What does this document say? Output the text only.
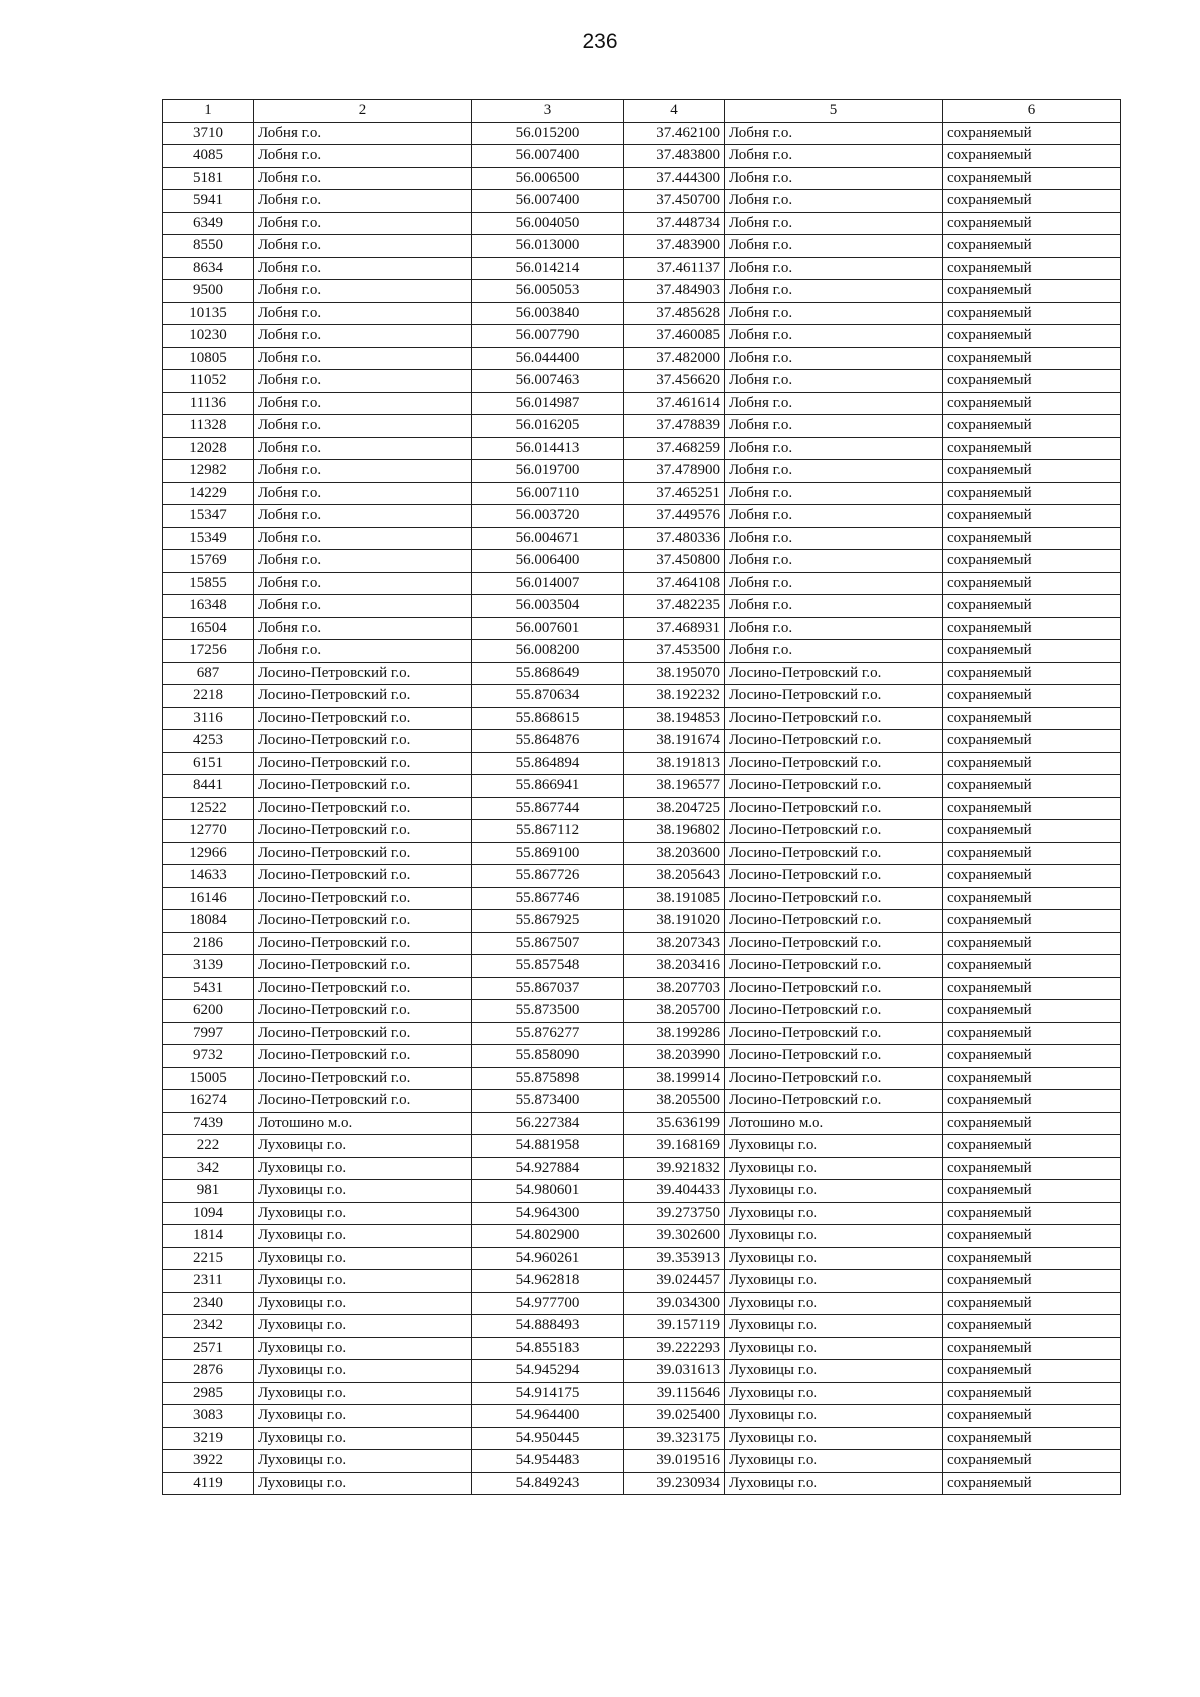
236
1	2	3	4	5	6
3710	Лобня г.о.	56.015200	37.462100	Лобня г.о.	сохраняемый
4085	Лобня г.о.	56.007400	37.483800	Лобня г.о.	сохраняемый
5181	Лобня г.о.	56.006500	37.444300	Лобня г.о.	сохраняемый
5941	Лобня г.о.	56.007400	37.450700	Лобня г.о.	сохраняемый
6349	Лобня г.о.	56.004050	37.448734	Лобня г.о.	сохраняемый
8550	Лобня г.о.	56.013000	37.483900	Лобня г.о.	сохраняемый
8634	Лобня г.о.	56.014214	37.461137	Лобня г.о.	сохраняемый
9500	Лобня г.о.	56.005053	37.484903	Лобня г.о.	сохраняемый
10135	Лобня г.о.	56.003840	37.485628	Лобня г.о.	сохраняемый
10230	Лобня г.о.	56.007790	37.460085	Лобня г.о.	сохраняемый
10805	Лобня г.о.	56.044400	37.482000	Лобня г.о.	сохраняемый
11052	Лобня г.о.	56.007463	37.456620	Лобня г.о.	сохраняемый
11136	Лобня г.о.	56.014987	37.461614	Лобня г.о.	сохраняемый
11328	Лобня г.о.	56.016205	37.478839	Лобня г.о.	сохраняемый
12028	Лобня г.о.	56.014413	37.468259	Лобня г.о.	сохраняемый
12982	Лобня г.о.	56.019700	37.478900	Лобня г.о.	сохраняемый
14229	Лобня г.о.	56.007110	37.465251	Лобня г.о.	сохраняемый
15347	Лобня г.о.	56.003720	37.449576	Лобня г.о.	сохраняемый
15349	Лобня г.о.	56.004671	37.480336	Лобня г.о.	сохраняемый
15769	Лобня г.о.	56.006400	37.450800	Лобня г.о.	сохраняемый
15855	Лобня г.о.	56.014007	37.464108	Лобня г.о.	сохраняемый
16348	Лобня г.о.	56.003504	37.482235	Лобня г.о.	сохраняемый
16504	Лобня г.о.	56.007601	37.468931	Лобня г.о.	сохраняемый
17256	Лобня г.о.	56.008200	37.453500	Лобня г.о.	сохраняемый
687	Лосино-Петровский г.о.	55.868649	38.195070	Лосино-Петровский г.о.	сохраняемый
2218	Лосино-Петровский г.о.	55.870634	38.192232	Лосино-Петровский г.о.	сохраняемый
3116	Лосино-Петровский г.о.	55.868615	38.194853	Лосино-Петровский г.о.	сохраняемый
4253	Лосино-Петровский г.о.	55.864876	38.191674	Лосино-Петровский г.о.	сохраняемый
6151	Лосино-Петровский г.о.	55.864894	38.191813	Лосино-Петровский г.о.	сохраняемый
8441	Лосино-Петровский г.о.	55.866941	38.196577	Лосино-Петровский г.о.	сохраняемый
12522	Лосино-Петровский г.о.	55.867744	38.204725	Лосино-Петровский г.о.	сохраняемый
12770	Лосино-Петровский г.о.	55.867112	38.196802	Лосино-Петровский г.о.	сохраняемый
12966	Лосино-Петровский г.о.	55.869100	38.203600	Лосино-Петровский г.о.	сохраняемый
14633	Лосино-Петровский г.о.	55.867726	38.205643	Лосино-Петровский г.о.	сохраняемый
16146	Лосино-Петровский г.о.	55.867746	38.191085	Лосино-Петровский г.о.	сохраняемый
18084	Лосино-Петровский г.о.	55.867925	38.191020	Лосино-Петровский г.о.	сохраняемый
2186	Лосино-Петровский г.о.	55.867507	38.207343	Лосино-Петровский г.о.	сохраняемый
3139	Лосино-Петровский г.о.	55.857548	38.203416	Лосино-Петровский г.о.	сохраняемый
5431	Лосино-Петровский г.о.	55.867037	38.207703	Лосино-Петровский г.о.	сохраняемый
6200	Лосино-Петровский г.о.	55.873500	38.205700	Лосино-Петровский г.о.	сохраняемый
7997	Лосино-Петровский г.о.	55.876277	38.199286	Лосино-Петровский г.о.	сохраняемый
9732	Лосино-Петровский г.о.	55.858090	38.203990	Лосино-Петровский г.о.	сохраняемый
15005	Лосино-Петровский г.о.	55.875898	38.199914	Лосино-Петровский г.о.	сохраняемый
16274	Лосино-Петровский г.о.	55.873400	38.205500	Лосино-Петровский г.о.	сохраняемый
7439	Лотошино м.о.	56.227384	35.636199	Лотошино м.о.	сохраняемый
222	Луховицы г.о.	54.881958	39.168169	Луховицы г.о.	сохраняемый
342	Луховицы г.о.	54.927884	39.921832	Луховицы г.о.	сохраняемый
981	Луховицы г.о.	54.980601	39.404433	Луховицы г.о.	сохраняемый
1094	Луховицы г.о.	54.964300	39.273750	Луховицы г.о.	сохраняемый
1814	Луховицы г.о.	54.802900	39.302600	Луховицы г.о.	сохраняемый
2215	Луховицы г.о.	54.960261	39.353913	Луховицы г.о.	сохраняемый
2311	Луховицы г.о.	54.962818	39.024457	Луховицы г.о.	сохраняемый
2340	Луховицы г.о.	54.977700	39.034300	Луховицы г.о.	сохраняемый
2342	Луховицы г.о.	54.888493	39.157119	Луховицы г.о.	сохраняемый
2571	Луховицы г.о.	54.855183	39.222293	Луховицы г.о.	сохраняемый
2876	Луховицы г.о.	54.945294	39.031613	Луховицы г.о.	сохраняемый
2985	Луховицы г.о.	54.914175	39.115646	Луховицы г.о.	сохраняемый
3083	Луховицы г.о.	54.964400	39.025400	Луховицы г.о.	сохраняемый
3219	Луховицы г.о.	54.950445	39.323175	Луховицы г.о.	сохраняемый
3922	Луховицы г.о.	54.954483	39.019516	Луховицы г.о.	сохраняемый
4119	Луховицы г.о.	54.849243	39.230934	Луховицы г.о.	сохраняемый
